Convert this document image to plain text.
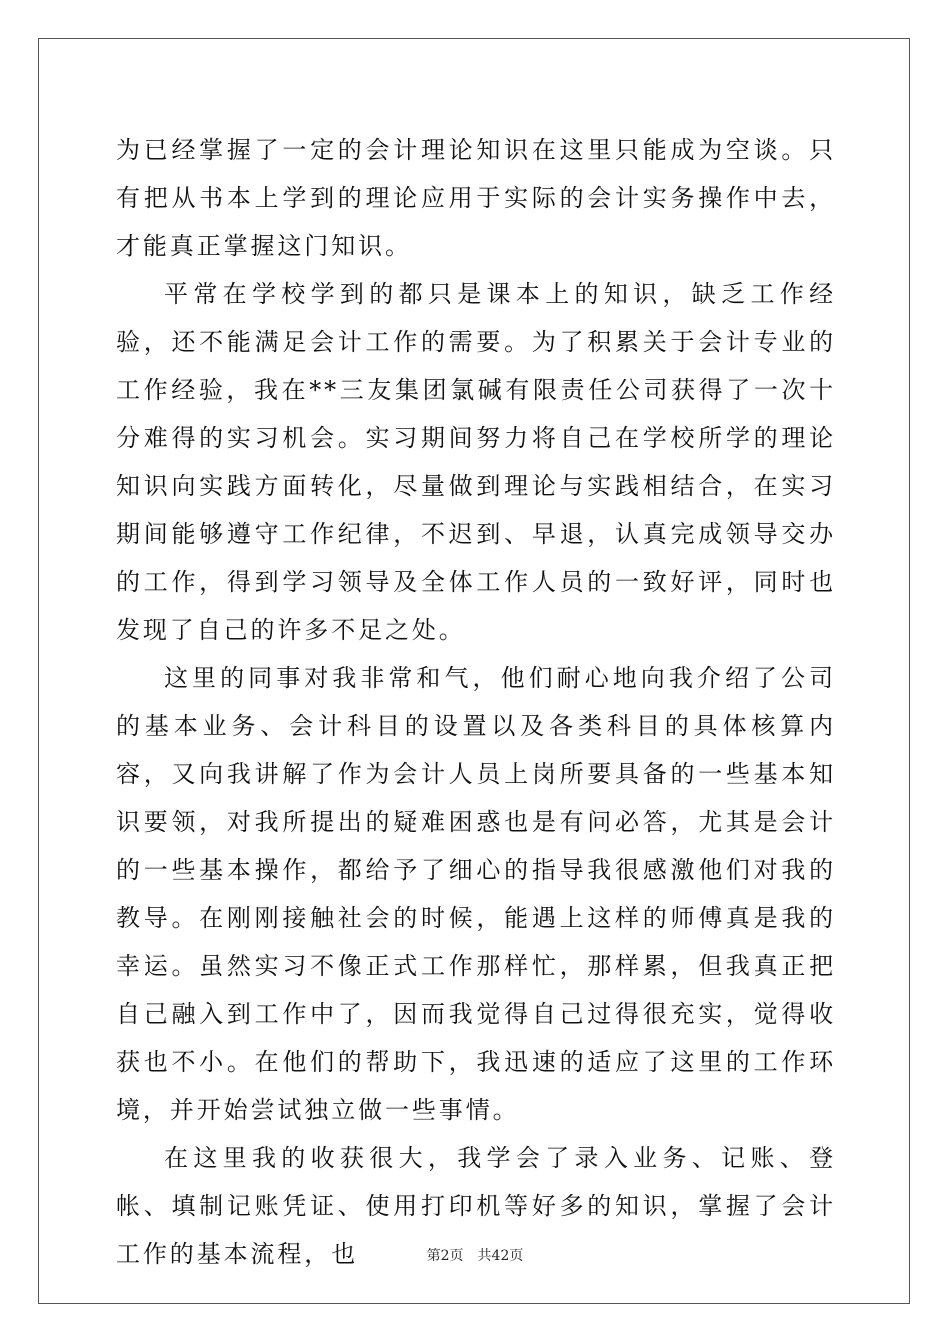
为已经掌握了一定的会计理论知识在这里只能成为空谈。只有把从书本上学到的理论应用于实际的会计实务操作中去，才能真正掌握这门知识。

平常在学校学到的都只是课本上的知识，缺乏工作经验，还不能满足会计工作的需要。为了积累关于会计专业的工作经验，我在**三友集团氯碱有限责任公司获得了一次十分难得的实习机会。实习期间努力将自己在学校所学的理论知识向实践方面转化，尽量做到理论与实践相结合，在实习期间能够遵守工作纪律，不迟到、早退，认真完成领导交办的工作，得到学习领导及全体工作人员的一致好评，同时也发现了自己的许多不足之处。

这里的同事对我非常和气，他们耐心地向我介绍了公司的基本业务、会计科目的设置以及各类科目的具体核算内容，又向我讲解了作为会计人员上岗所要具备的一些基本知识要领，对我所提出的疑难困惑也是有问必答，尤其是会计的一些基本操作，都给予了细心的指导我很感激他们对我的教导。在刚刚接触社会的时候，能遇上这样的师傅真是我的幸运。虽然实习不像正式工作那样忙，那样累，但我真正把自己融入到工作中了，因而我觉得自己过得很充实，觉得收获也不小。在他们的帮助下，我迅速的适应了这里的工作环境，并开始尝试独立做一些事情。

在这里我的收获很大，我学会了录入业务、记账、登帐、填制记账凭证、使用打印机等好多的知识，掌握了会计工作的基本流程，也	第2页 共42页
